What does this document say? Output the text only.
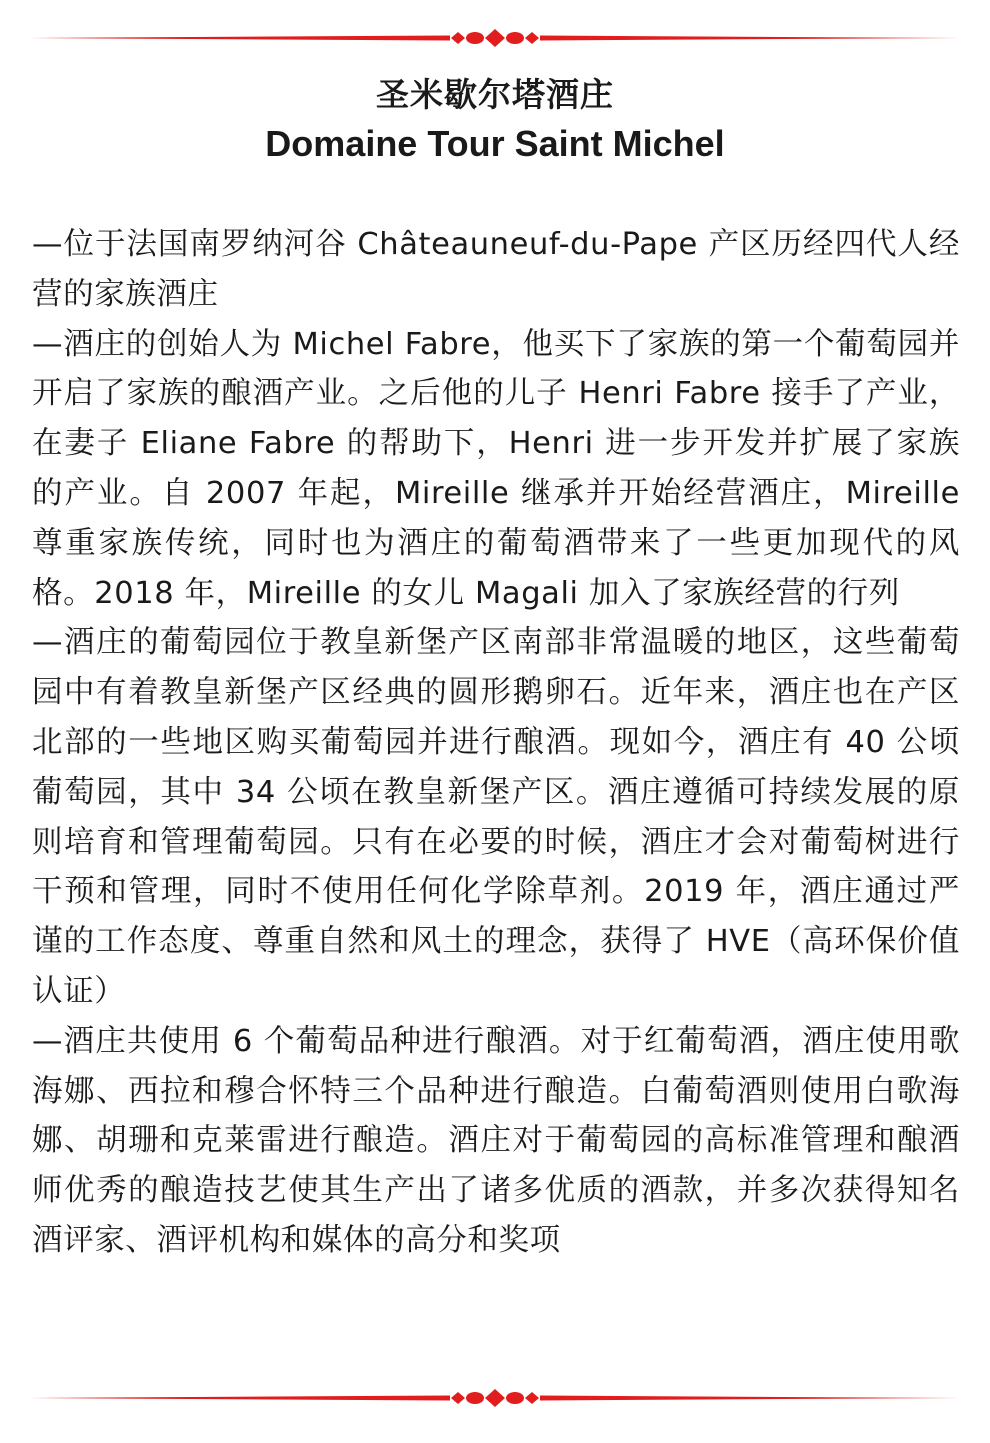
圣米歇尔塔酒庄
Domaine Tour Saint Michel

—位于法国南罗纳河谷 Châteauneuf-du-Pape 产区历经四代人经营的家族酒庄

—酒庄的创始人为 Michel Fabre，他买下了家族的第一个葡萄园并开启了家族的酿酒产业。之后他的儿子 Henri Fabre 接手了产业，在妻子 Eliane Fabre 的帮助下，Henri 进一步开发并扩展了家族的产业。自 2007 年起，Mireille 继承并开始经营酒庄，Mireille 尊重家族传统，同时也为酒庄的葡萄酒带来了一些更加现代的风格。2018 年，Mireille 的女儿 Magali 加入了家族经营的行列

—酒庄的葡萄园位于教皇新堡产区南部非常温暖的地区，这些葡萄园中有着教皇新堡产区经典的圆形鹅卵石。近年来，酒庄也在产区北部的一些地区购买葡萄园并进行酿酒。现如今，酒庄有 40 公顷葡萄园，其中 34 公顷在教皇新堡产区。酒庄遵循可持续发展的原则培育和管理葡萄园。只有在必要的时候，酒庄才会对葡萄树进行干预和管理，同时不使用任何化学除草剂。2019 年，酒庄通过严谨的工作态度、尊重自然和风土的理念，获得了 HVE（高环保价值认证）

—酒庄共使用 6 个葡萄品种进行酿酒。对于红葡萄酒，酒庄使用歌海娜、西拉和穆合怀特三个品种进行酿造。白葡萄酒则使用白歌海娜、胡珊和克莱雷进行酿造。酒庄对于葡萄园的高标准管理和酿酒师优秀的酿造技艺使其生产出了诸多优质的酒款，并多次获得知名酒评家、酒评机构和媒体的高分和奖项
